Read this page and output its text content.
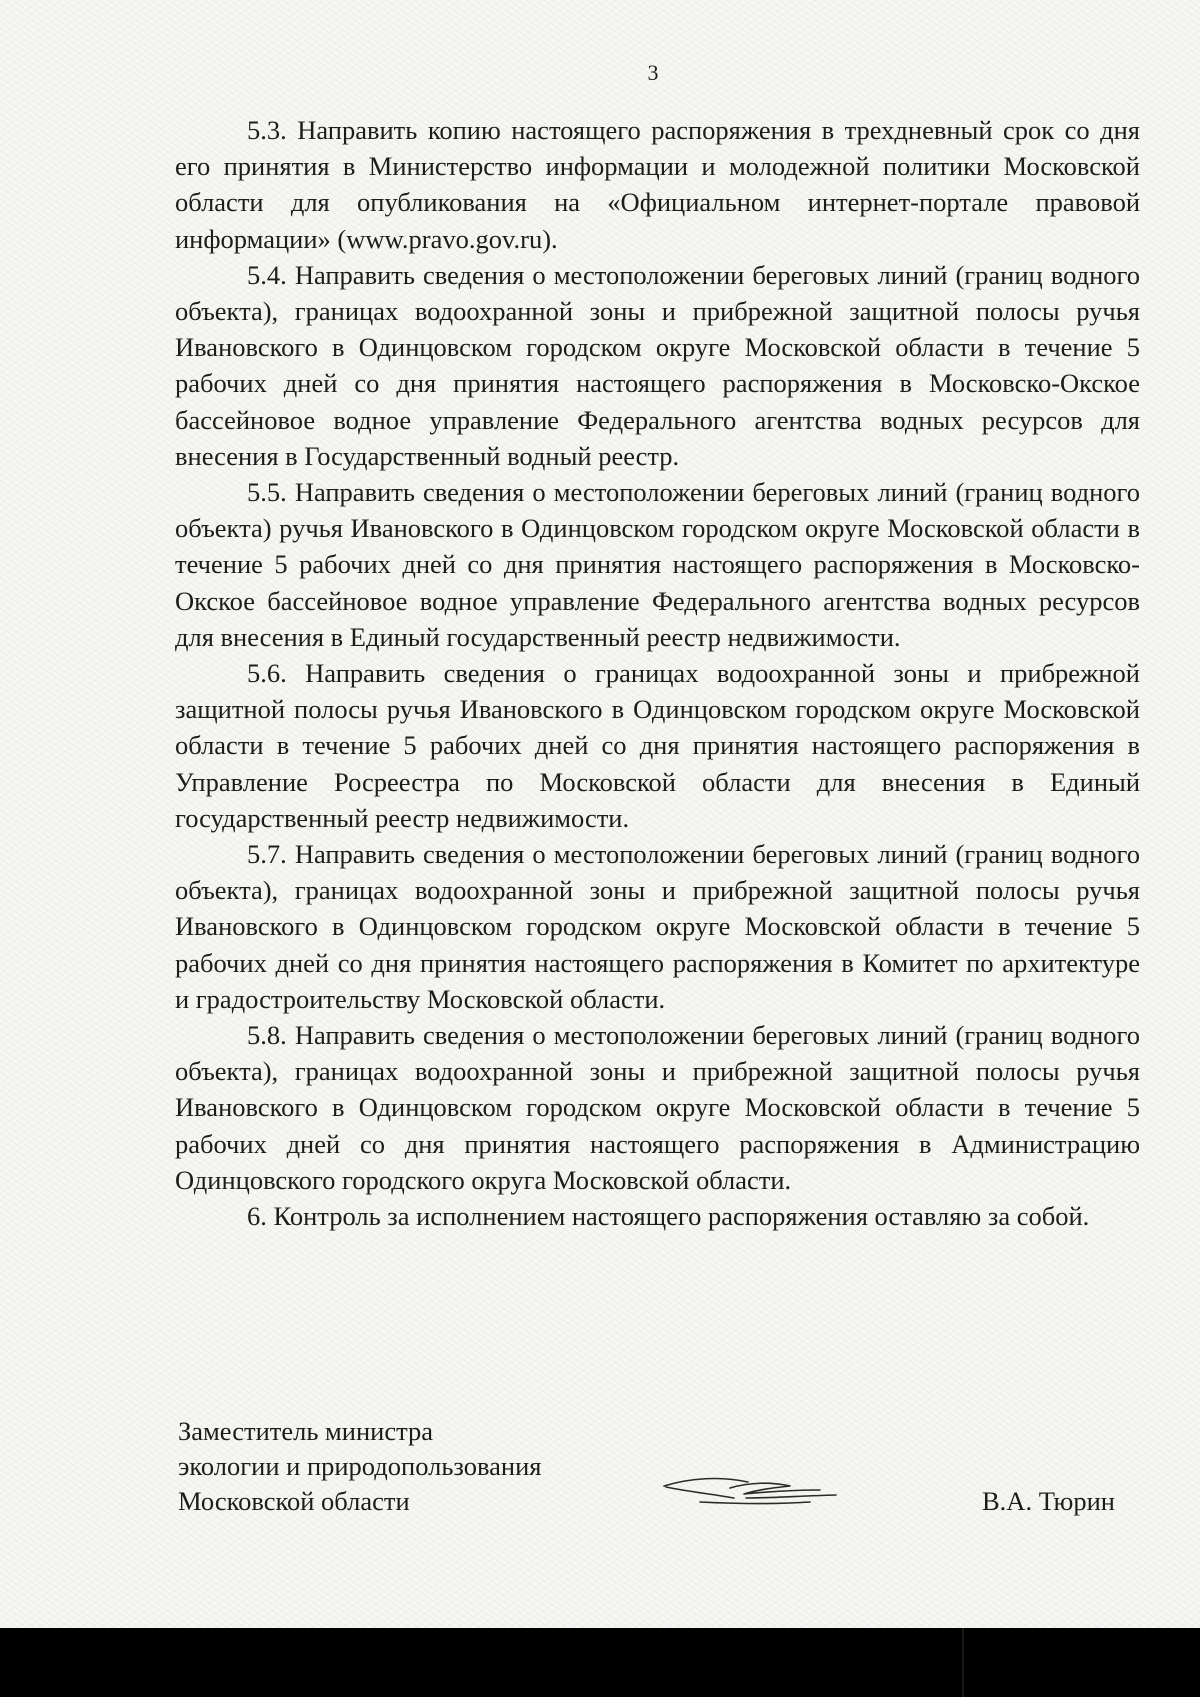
3

5.3. Направить копию настоящего распоряжения в трехдневный срок со дня его принятия в Министерство информации и молодежной политики Московской области для опубликования на «Официальном интернет-портале правовой информации» (www.pravo.gov.ru).

5.4. Направить сведения о местоположении береговых линий (границ водного объекта), границах водоохранной зоны и прибрежной защитной полосы ручья Ивановского в Одинцовском городском округе Московской области в течение 5 рабочих дней со дня принятия настоящего распоряжения в Московско-Окское бассейновое водное управление Федерального агентства водных ресурсов для внесения в Государственный водный реестр.

5.5. Направить сведения о местоположении береговых линий (границ водного объекта) ручья Ивановского в Одинцовском городском округе Московской области в течение 5 рабочих дней со дня принятия настоящего распоряжения в Московско-Окское бассейновое водное управление Федерального агентства водных ресурсов для внесения в Единый государственный реестр недвижимости.

5.6. Направить сведения о границах водоохранной зоны и прибрежной защитной полосы ручья Ивановского в Одинцовском городском округе Московской области в течение 5 рабочих дней со дня принятия настоящего распоряжения в Управление Росреестра по Московской области для внесения в Единый государственный реестр недвижимости.

5.7. Направить сведения о местоположении береговых линий (границ водного объекта), границах водоохранной зоны и прибрежной защитной полосы ручья Ивановского в Одинцовском городском округе Московской области в течение 5 рабочих дней со дня принятия настоящего распоряжения в Комитет по архитектуре и градостроительству Московской области.

5.8. Направить сведения о местоположении береговых линий (границ водного объекта), границах водоохранной зоны и прибрежной защитной полосы ручья Ивановского в Одинцовском городском округе Московской области в течение 5 рабочих дней со дня принятия настоящего распоряжения в Администрацию Одинцовского городского округа Московской области.

6. Контроль за исполнением настоящего распоряжения оставляю за собой.

Заместитель министра
экологии и природопользования
Московской области	В.А. Тюрин
